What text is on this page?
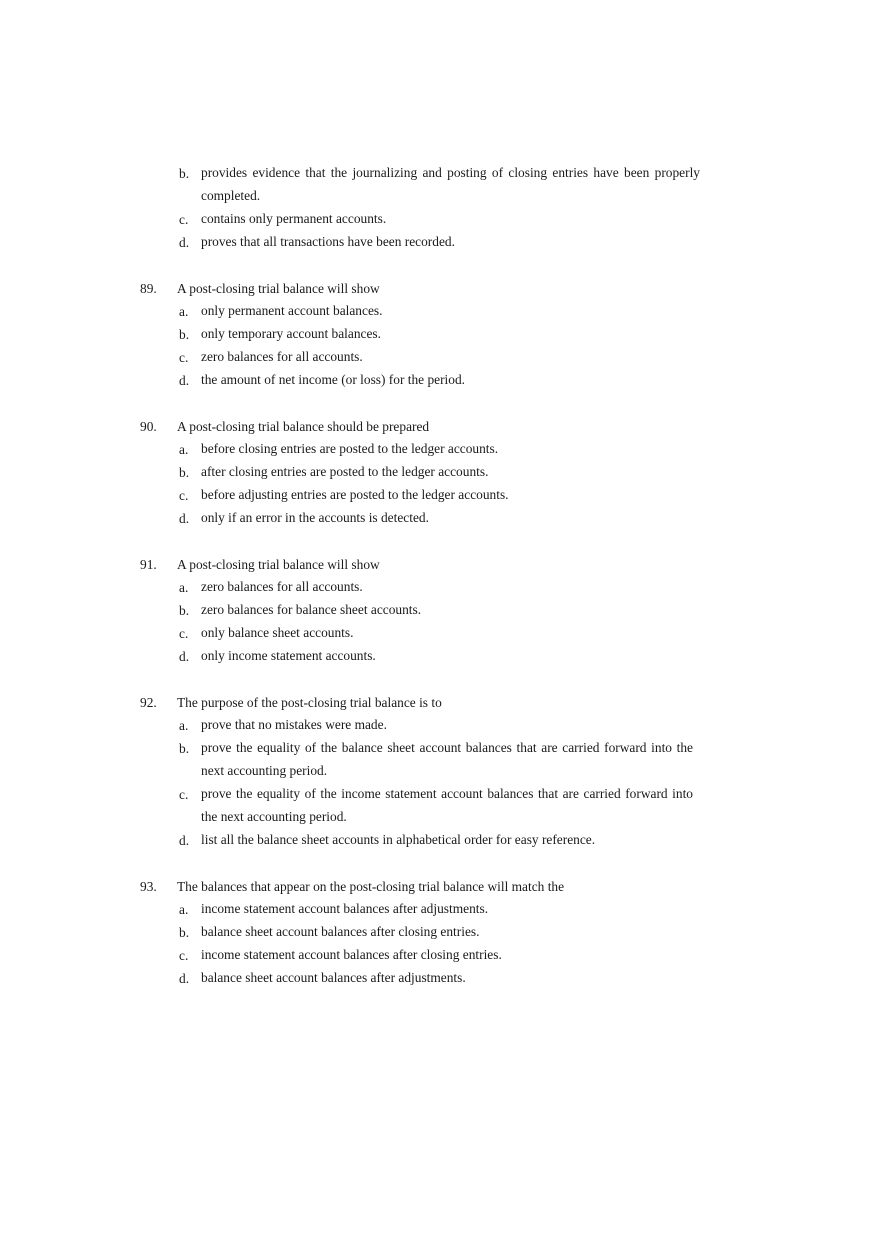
b. provides evidence that the journalizing and posting of closing entries have been properly completed.
c. contains only permanent accounts.
d. proves that all transactions have been recorded.
89. A post-closing trial balance will show
a. only permanent account balances.
b. only temporary account balances.
c. zero balances for all accounts.
d. the amount of net income (or loss) for the period.
90. A post-closing trial balance should be prepared
a. before closing entries are posted to the ledger accounts.
b. after closing entries are posted to the ledger accounts.
c. before adjusting entries are posted to the ledger accounts.
d. only if an error in the accounts is detected.
91. A post-closing trial balance will show
a. zero balances for all accounts.
b. zero balances for balance sheet accounts.
c. only balance sheet accounts.
d. only income statement accounts.
92. The purpose of the post-closing trial balance is to
a. prove that no mistakes were made.
b. prove the equality of the balance sheet account balances that are carried forward into the next accounting period.
c. prove the equality of the income statement account balances that are carried forward into the next accounting period.
d. list all the balance sheet accounts in alphabetical order for easy reference.
93. The balances that appear on the post-closing trial balance will match the
a. income statement account balances after adjustments.
b. balance sheet account balances after closing entries.
c. income statement account balances after closing entries.
d. balance sheet account balances after adjustments.
